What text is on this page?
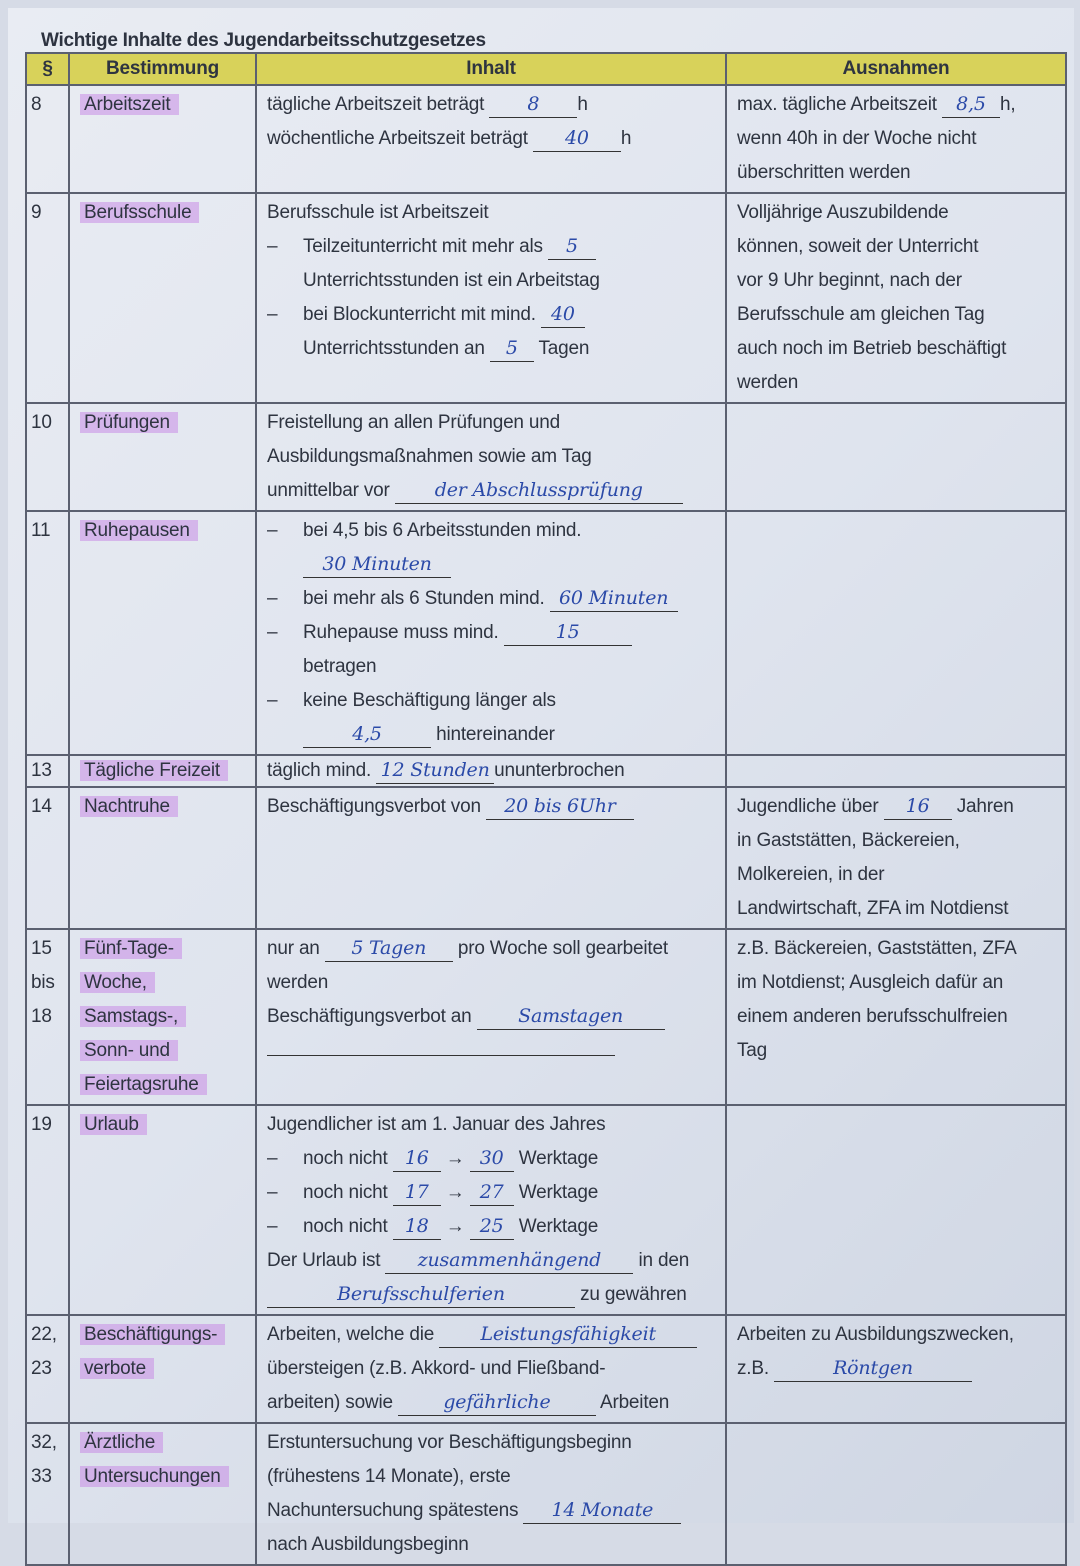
Wichtige Inhalte des Jugendarbeitsschutzgesetzes
§	Bestimmung	Inhalt	Ausnahmen
8	Arbeitszeit	tägliche Arbeitszeit beträgt 8 h
wöchentliche Arbeitszeit beträgt 40 h

max. tägliche Arbeitszeit 8,5 h,
wenn 40h in der Woche nicht
überschritten werden

9	Berufsschule	Berufsschule ist Arbeitszeit
– Teilzeitunterricht mit mehr als 5
Unterrichtsstunden ist ein Arbeitstag
– bei Blockunterricht mit mind. 40
Unterrichtsstunden an 5 Tagen

Volljährige Auszubildende
können, soweit der Unterricht
vor 9 Uhr beginnt, nach der
Berufsschule am gleichen Tag
auch noch im Betrieb beschäftigt
werden

10	Prüfungen	Freistellung an allen Prüfungen und
Ausbildungsmaßnahmen sowie am Tag
unmittelbar vor der Abschlussprüfung

11	Ruhepausen	
–bei 4,5 bis 6 Arbeitsstunden mind.
30 Minuten
– bei mehr als 6 Stunden mind. 60 Minuten
– Ruhepause muss mind.	15
betragen
– keine Beschäftigung länger als
4,5	hintereinander

13	Tägliche Freizeit	täglich mind. 12 Stunden ununterbrochen

14	Nachtruhe	Beschäftigungsverbot von 20 bis 6Uhr	Jugendliche über 16 Jahren
in Gaststätten, Bäckereien,
Molkereien, in der
Landwirtschaft, ZFA im Notdienst

15
bis
18	Fünf-Tage-
Woche,
Samstags-,
Sonn- und
Feiertagsruhe	
nur an 5 Tagen pro Woche soll gearbeitet
werden
Beschäftigungsverbot an Samstagen

z.B. Bäckereien, Gaststätten, ZFA
im Notdienst; Ausgleich dafür an
einem anderen berufsschulfreien
Tag

19	Urlaub	Jugendlicher ist am 1. Januar des Jahres
– noch nicht 16 → 30 Werktage
– noch nicht 17 → 27 Werktage
– noch nicht 18 → 25 Werktage
Der Urlaub ist zusammenhängend in den
Berufsschulferien	zu gewähren

22,
23	Beschäftigungs-
verbote	
Arbeiten, welche die Leistungsfähigkeit
übersteigen (z.B. Akkord- und Fließband-
arbeiten) sowie gefährliche Arbeiten

Arbeiten zu Ausbildungszwecken,
z.B.	Röntgen

32,
33	Ärztliche
Untersuchungen	
Erstuntersuchung vor Beschäftigungsbeginn
(frühestens 14 Monate), erste
Nachuntersuchung spätestens 14 Monate
nach Ausbildungsbeginn
